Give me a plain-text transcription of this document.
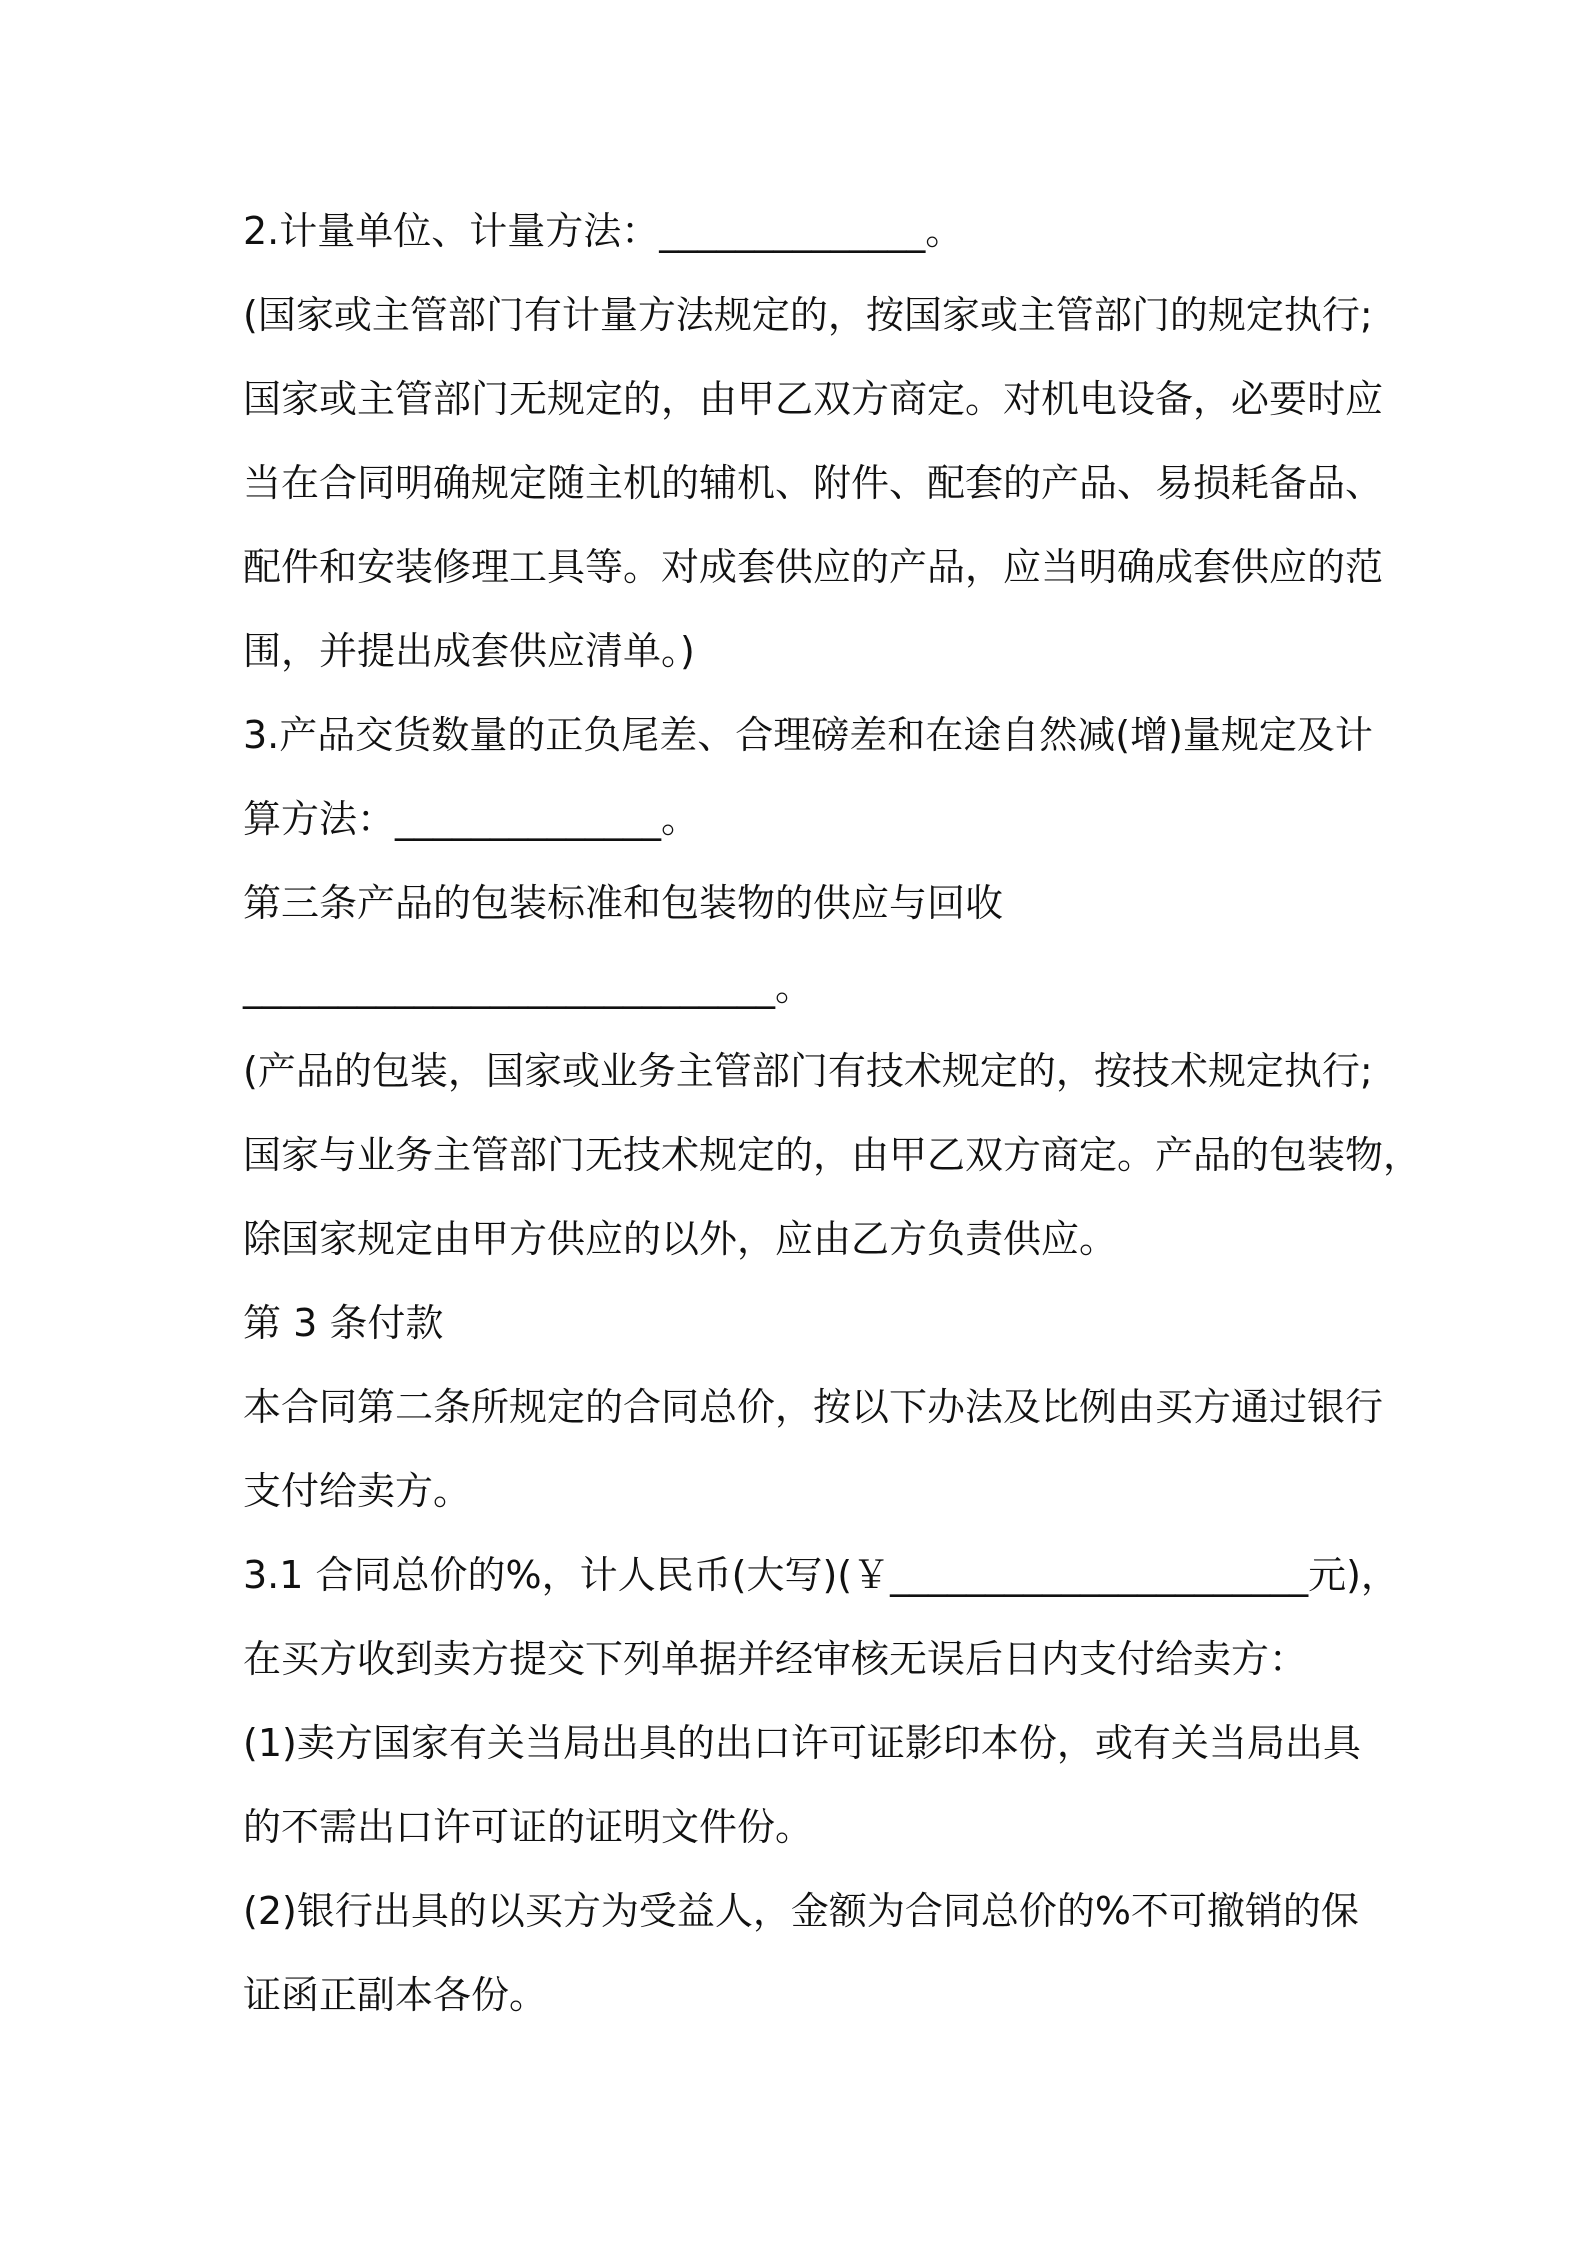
2.计量单位、计量方法：______________。
(国家或主管部门有计量方法规定的，按国家或主管部门的规定执行;
国家或主管部门无规定的，由甲乙双方商定。对机电设备，必要时应
当在合同明确规定随主机的辅机、附件、配套的产品、易损耗备品、
配件和安装修理工具等。对成套供应的产品，应当明确成套供应的范
围，并提出成套供应清单。)
3.产品交货数量的正负尾差、合理磅差和在途自然减(增)量规定及计
算方法：______________。
第三条产品的包装标准和包装物的供应与回收
____________________________。
(产品的包装，国家或业务主管部门有技术规定的，按技术规定执行;
国家与业务主管部门无技术规定的，由甲乙双方商定。产品的包装物，
除国家规定由甲方供应的以外，应由乙方负责供应。
第 3 条付款
本合同第二条所规定的合同总价，按以下办法及比例由买方通过银行
支付给卖方。
3.1 合同总价的%，计人民币(大写)(￥______________________元)，
在买方收到卖方提交下列单据并经审核无误后日内支付给卖方：
(1)卖方国家有关当局出具的出口许可证影印本份，或有关当局出具
的不需出口许可证的证明文件份。
(2)银行出具的以买方为受益人，金额为合同总价的%不可撤销的保
证函正副本各份。
